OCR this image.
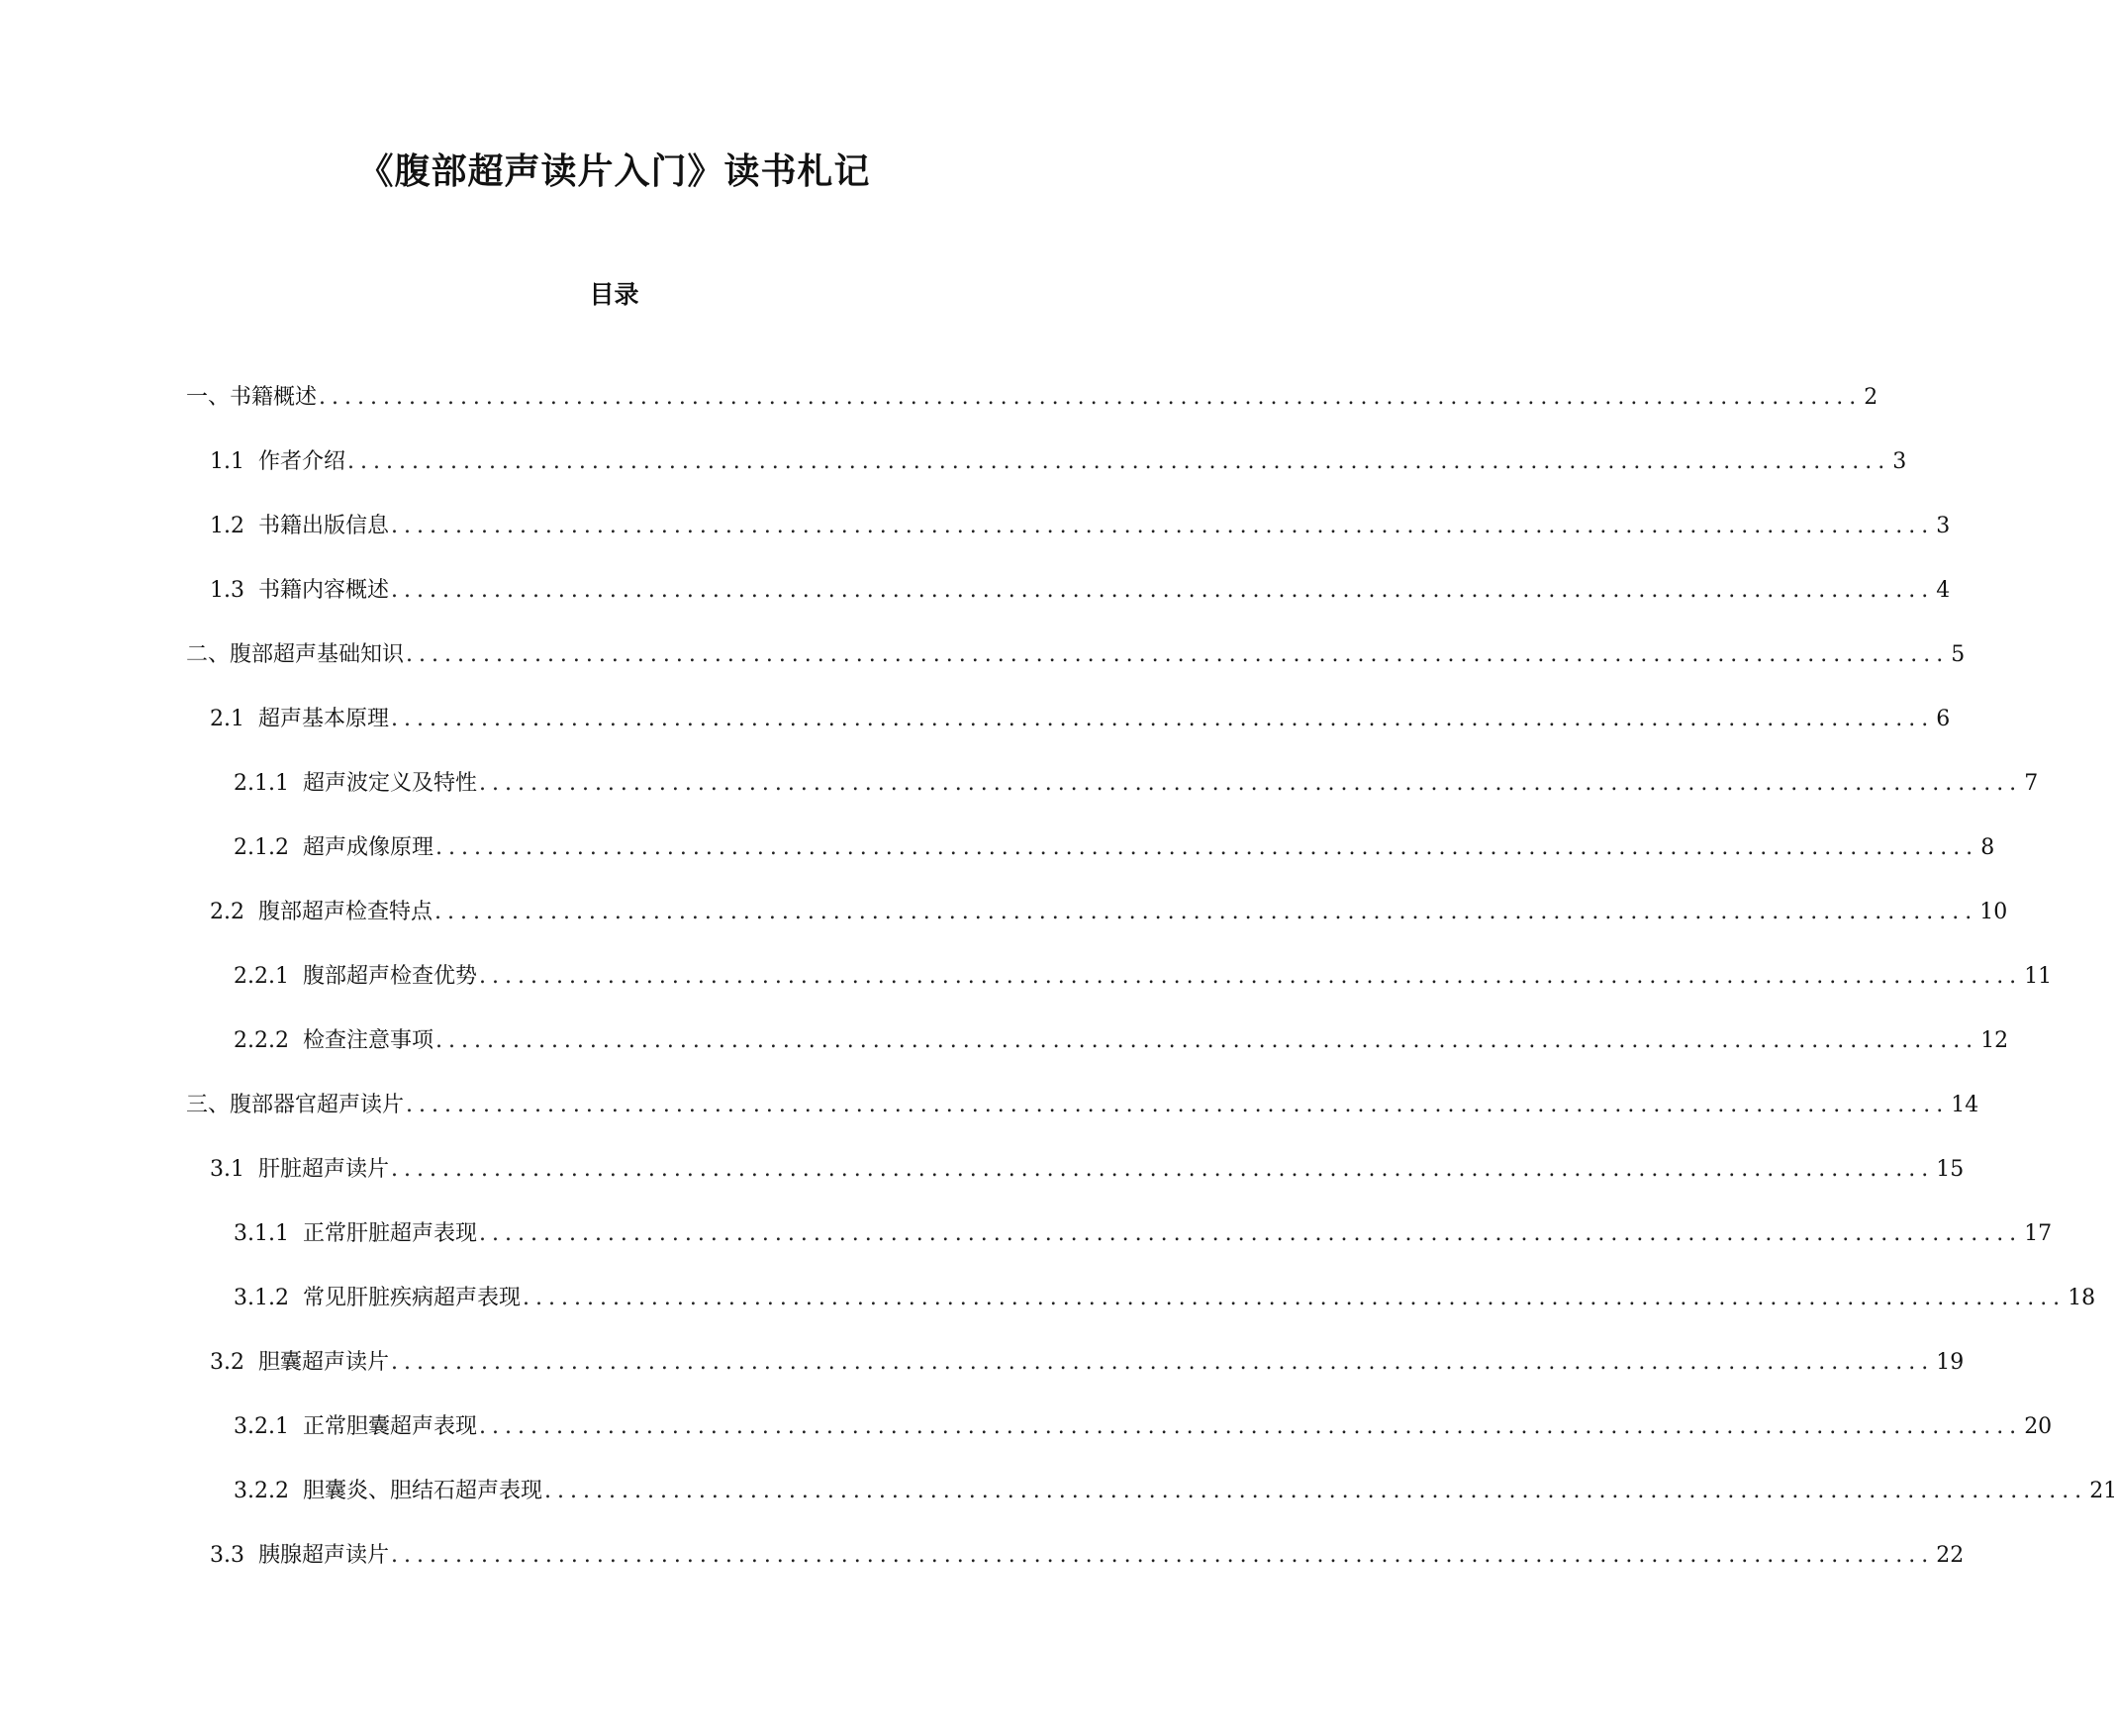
《腹部超声读片入门》读书札记
目录
一、书籍概述 ........................................................................................................................ 2
1.1 作者介绍 ........................................................................................................................ 3
1.2 书籍出版信息 ........................................................................................................................ 3
1.3 书籍内容概述 ........................................................................................................................ 4
二、腹部超声基础知识 ........................................................................................................................ 5
2.1 超声基本原理 ........................................................................................................................ 6
2.1.1 超声波定义及特性 ........................................................................................................................ 7
2.1.2 超声成像原理 ........................................................................................................................ 8
2.2 腹部超声检查特点 ........................................................................................................................ 10
2.2.1 腹部超声检查优势 ........................................................................................................................ 11
2.2.2 检查注意事项 ........................................................................................................................ 12
三、腹部器官超声读片 ........................................................................................................................ 14
3.1 肝脏超声读片 ........................................................................................................................ 15
3.1.1 正常肝脏超声表现 ........................................................................................................................ 17
3.1.2 常见肝脏疾病超声表现 ........................................................................................................................ 18
3.2 胆囊超声读片 ........................................................................................................................ 19
3.2.1 正常胆囊超声表现 ........................................................................................................................ 20
3.2.2 胆囊炎、胆结石超声表现 ........................................................................................................................ 21
3.3 胰腺超声读片 ........................................................................................................................ 22
